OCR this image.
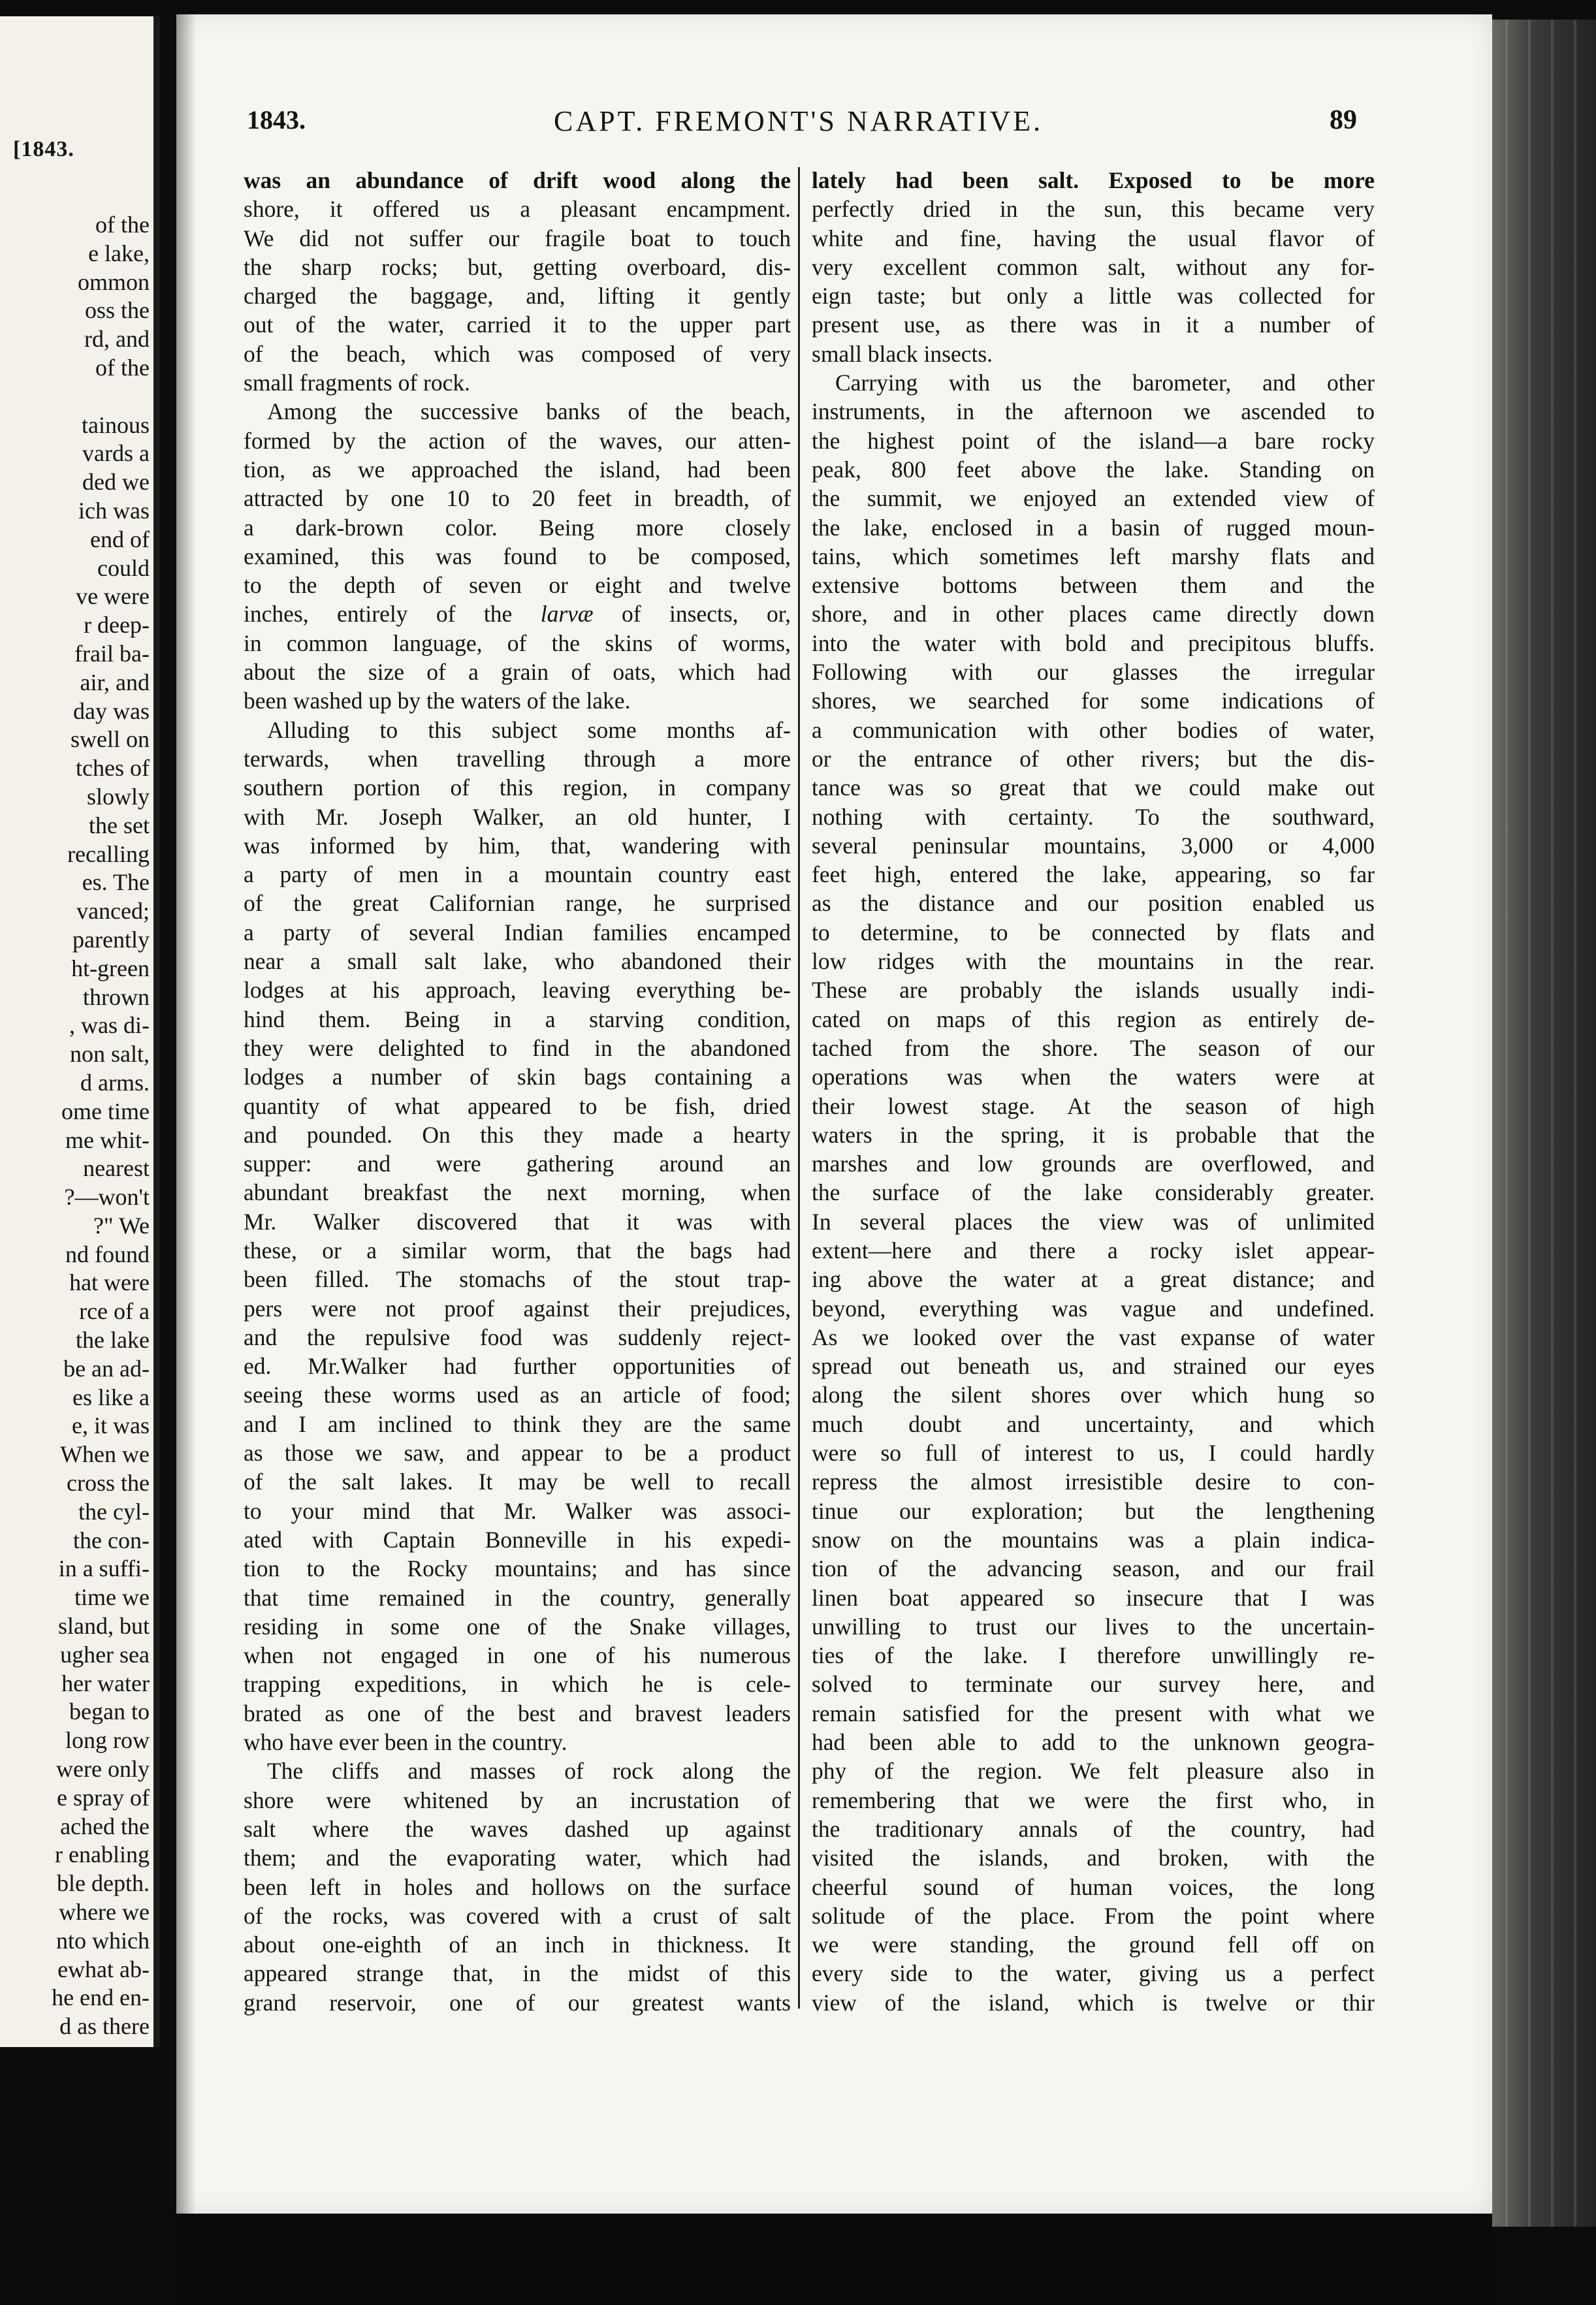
[1843.
of the
e lake,
ommon
oss the
rd, and
of the
tainous
vards a
ded we
ich was
end of
could
ve were
r deep-
frail ba-
air, and
day was
swell on
tches of
slowly
the set
recalling
es. The
vanced;
parently
ht-green
thrown
, was di-
non salt,
d arms.
ome time
me whit-
nearest
?—won't
?" We
nd found
hat were
rce of a
the lake
be an ad-
es like a
e, it was
When we
cross the
the cyl-
the con-
in a suffi-
time we
sland, but
ugher sea
her water
began to
long row
were only
e spray of
ached the
r enabling
ble depth.
where we
nto which
ewhat ab-
he end en-
d as there
1843.	CAPT. FREMONT'S NARRATIVE.	89
was an abundance of drift wood along the
shore, it offered us a pleasant encampment.
We did not suffer our fragile boat to touch
the sharp rocks; but, getting overboard, dis-
charged the baggage, and, lifting it gently
out of the water, carried it to the upper part
of the beach, which was composed of very
small fragments of rock.
Among the successive banks of the beach,
formed by the action of the waves, our atten-
tion, as we approached the island, had been
attracted by one 10 to 20 feet in breadth, of
a dark-brown color. Being more closely
examined, this was found to be composed,
to the depth of seven or eight and twelve
inches, entirely of the larvæ of insects, or,
in common language, of the skins of worms,
about the size of a grain of oats, which had
been washed up by the waters of the lake.
Alluding to this subject some months af-
terwards, when travelling through a more
southern portion of this region, in company
with Mr. Joseph Walker, an old hunter, I
was informed by him, that, wandering with
a party of men in a mountain country east
of the great Californian range, he surprised
a party of several Indian families encamped
near a small salt lake, who abandoned their
lodges at his approach, leaving everything be-
hind them. Being in a starving condition,
they were delighted to find in the abandoned
lodges a number of skin bags containing a
quantity of what appeared to be fish, dried
and pounded. On this they made a hearty
supper: and were gathering around an
abundant breakfast the next morning, when
Mr. Walker discovered that it was with
these, or a similar worm, that the bags had
been filled. The stomachs of the stout trap-
pers were not proof against their prejudices,
and the repulsive food was suddenly reject-
ed. Mr.Walker had further opportunities of
seeing these worms used as an article of food;
and I am inclined to think they are the same
as those we saw, and appear to be a product
of the salt lakes. It may be well to recall
to your mind that Mr. Walker was associ-
ated with Captain Bonneville in his expedi-
tion to the Rocky mountains; and has since
that time remained in the country, generally
residing in some one of the Snake villages,
when not engaged in one of his numerous
trapping expeditions, in which he is cele-
brated as one of the best and bravest leaders
who have ever been in the country.
The cliffs and masses of rock along the
shore were whitened by an incrustation of
salt where the waves dashed up against
them; and the evaporating water, which had
been left in holes and hollows on the surface
of the rocks, was covered with a crust of salt
about one-eighth of an inch in thickness. It
appeared strange that, in the midst of this
grand reservoir, one of our greatest wants
lately had been salt. Exposed to be more
perfectly dried in the sun, this became very
white and fine, having the usual flavor of
very excellent common salt, without any for-
eign taste; but only a little was collected for
present use, as there was in it a number of
small black insects.
Carrying with us the barometer, and other
instruments, in the afternoon we ascended to
the highest point of the island—a bare rocky
peak, 800 feet above the lake. Standing on
the summit, we enjoyed an extended view of
the lake, enclosed in a basin of rugged moun-
tains, which sometimes left marshy flats and
extensive bottoms between them and the
shore, and in other places came directly down
into the water with bold and precipitous bluffs.
Following with our glasses the irregular
shores, we searched for some indications of
a communication with other bodies of water,
or the entrance of other rivers; but the dis-
tance was so great that we could make out
nothing with certainty. To the southward,
several peninsular mountains, 3,000 or 4,000
feet high, entered the lake, appearing, so far
as the distance and our position enabled us
to determine, to be connected by flats and
low ridges with the mountains in the rear.
These are probably the islands usually indi-
cated on maps of this region as entirely de-
tached from the shore. The season of our
operations was when the waters were at
their lowest stage. At the season of high
waters in the spring, it is probable that the
marshes and low grounds are overflowed, and
the surface of the lake considerably greater.
In several places the view was of unlimited
extent—here and there a rocky islet appear-
ing above the water at a great distance; and
beyond, everything was vague and undefined.
As we looked over the vast expanse of water
spread out beneath us, and strained our eyes
along the silent shores over which hung so
much doubt and uncertainty, and which
were so full of interest to us, I could hardly
repress the almost irresistible desire to con-
tinue our exploration; but the lengthening
snow on the mountains was a plain indica-
tion of the advancing season, and our frail
linen boat appeared so insecure that I was
unwilling to trust our lives to the uncertain-
ties of the lake. I therefore unwillingly re-
solved to terminate our survey here, and
remain satisfied for the present with what we
had been able to add to the unknown geogra-
phy of the region. We felt pleasure also in
remembering that we were the first who, in
the traditionary annals of the country, had
visited the islands, and broken, with the
cheerful sound of human voices, the long
solitude of the place. From the point where
we were standing, the ground fell off on
every side to the water, giving us a perfect
view of the island, which is twelve or thir
